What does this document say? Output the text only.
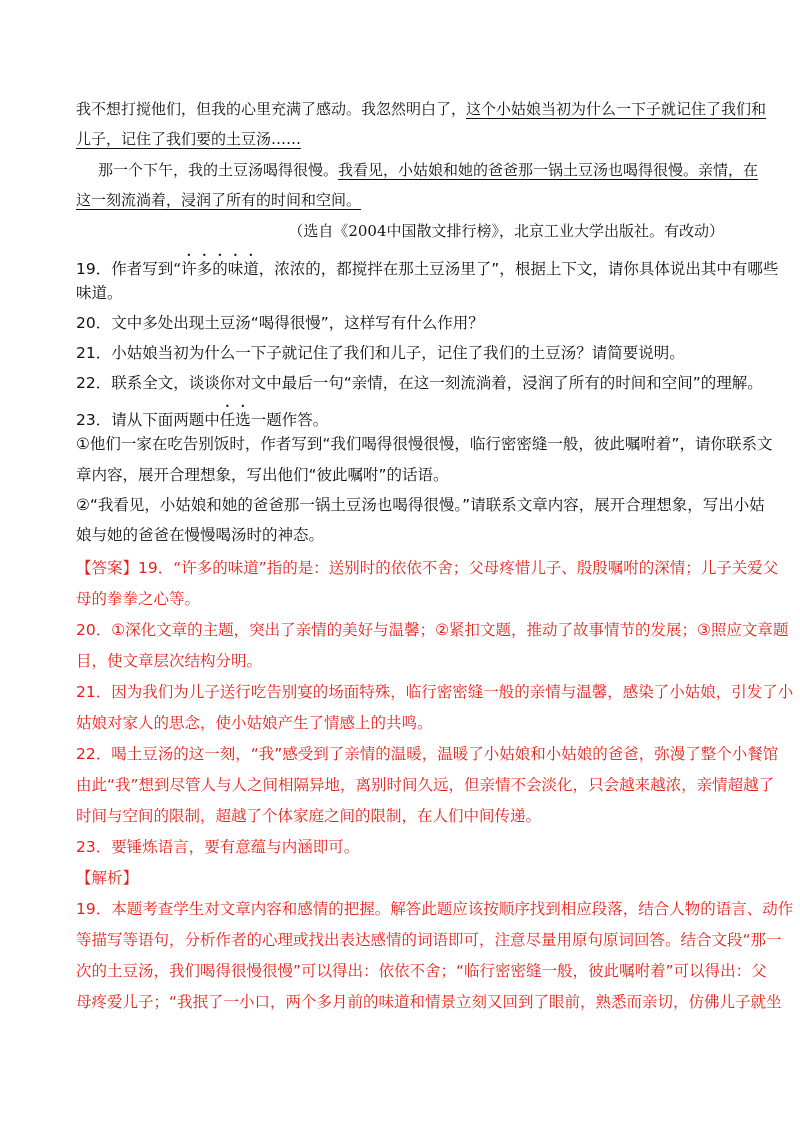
我不想打搅他们，但我的心里充满了感动。我忽然明白了，这个小姑娘当初为什么一下子就记住了我们和
儿子，记住了我们要的土豆汤……
那一个下午，我的土豆汤喝得很慢。我看见，小姑娘和她的爸爸那一锅土豆汤也喝得很慢。亲情，在
这一刻流淌着，浸润了所有的时间和空间。
（选自《2004中国散文排行榜》，北京工业大学出版社。有改动）
19．作者写到“许多的味道，浓浓的，都搅拌在那土豆汤里了”，根据上下文，请你具体说出其中有哪些
味道。
20．文中多处出现土豆汤“喝得很慢”，这样写有什么作用？
21．小姑娘当初为什么一下子就记住了我们和儿子，记住了我们的土豆汤？请简要说明。
22．联系全文，谈谈你对文中最后一句“亲情，在这一刻流淌着，浸润了所有的时间和空间”的理解。
23．请从下面两题中任选一题作答。
①他们一家在吃告别饭时，作者写到“我们喝得很慢很慢，临行密密缝一般，彼此嘱咐着”，请你联系文
章内容，展开合理想象，写出他们“彼此嘱咐”的话语。
②“我看见，小姑娘和她的爸爸那一锅土豆汤也喝得很慢。”请联系文章内容，展开合理想象，写出小姑
娘与她的爸爸在慢慢喝汤时的神态。
【答案】19．“许多的味道”指的是：送别时的依依不舍；父母疼惜儿子、殷殷嘱咐的深情；儿子关爱父
母的拳拳之心等。
20．①深化文章的主题，突出了亲情的美好与温馨；②紧扣文题，推动了故事情节的发展；③照应文章题
目，使文章层次结构分明。
21．因为我们为儿子送行吃告别宴的场面特殊，临行密密缝一般的亲情与温馨，感染了小姑娘，引发了小
姑娘对家人的思念，使小姑娘产生了情感上的共鸣。
22．喝土豆汤的这一刻，“我”感受到了亲情的温暖，温暖了小姑娘和小姑娘的爸爸，弥漫了整个小餐馆
由此“我”想到尽管人与人之间相隔异地，离别时间久远，但亲情不会淡化，只会越来越浓，亲情超越了
时间与空间的限制，超越了个体家庭之间的限制，在人们中间传递。
23．要锤炼语言，要有意蕴与内涵即可。
【解析】
19．本题考查学生对文章内容和感情的把握。解答此题应该按顺序找到相应段落，结合人物的语言、动作
等描写等语句，分析作者的心理或找出表达感情的词语即可，注意尽量用原句原词回答。结合文段“那一
次的土豆汤，我们喝得很慢很慢”可以得出：依依不舍；“临行密密缝一般，彼此嘱咐着”可以得出：父
母疼爱儿子；“我抿了一小口，两个多月前的味道和情景立刻又回到了眼前，熟悉而亲切，仿佛儿子就坐
